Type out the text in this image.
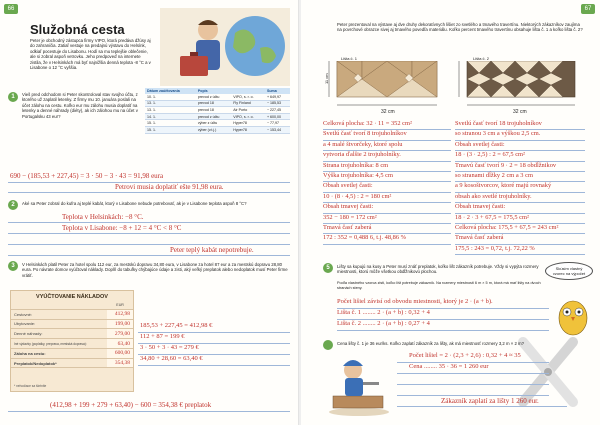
66
Služobná cesta
Peter je obchodný zástupca firmy VIPO, ktorá predáva džúsy aj do zahraničia. Zatiaľ vestuje na predajnú výstavu do Helsínk, odkiaľ pocestuje do Lisabonu. Hodí sa mu teplejšie oblečenie, ale si zobral aspoň vetrovku. Jeho predpoveď na internete zistila, že v Helsinkách má byť najnižšia denná teplota -8 °C a v Lisabone o 12 °C vyššia.
1	Vieš pred odchodom si Peter skontroloval stav svojho účtu, z ktorého už zaplatil letenky. Z firmy mu 10. januára poslali na účet zálohu na cestu. Koľko eur mu zálohu musia doplatiť na letenky a denné náhrady (diéty), ak ich zálohou mu na účet v Portugalsku 43 eur?
Dátum zaúčtovania	Popis		Suma
10. 1.	prevod z účtu	VIPO, s. r. o.	+ 649,97
13. 1.	prevod 18	Fly Finland	− 185,53
13. 1.	prevod 18	Air Porto	− 227,45
14. 1.	prevod z účtu	VIPO, s. r. o.	+ 600,00
15. 1.	výber z účtu	Hyper78	− 77,97
15. 1.	výber (v.t.j.)	Hyper78	− 153,44
690 − (185,53 + 227,45) = 3 · 50 − 3 · 43 = 91,98 eura
Petrovi musia doplatiť ešte 91,98 eura.
2	Aké sa Peter zobral do kufra aj teplé kabát, ktorý v Lisabone nebude potrebovať, ak je v Lisabone teplota aspoň 8 °C?
Teplota v Helsinkách: −8 °C.
Teplota v Lisabone: −8 + 12 = 4 °C < 8 °C
Peter teplý kabát nepotrebuje.
3	V Helsinkách platil Peter za hotel spolu 112 eur, za mestskú dopravu 34,80 eura, v Lisabone za hotel 87 eur a za mestskú dopravu 28,80 eura. Po návrate domov vyúčtoval náklady. Doplň do tabuľky chýbajúce údaje a zisti, aký veľký preplatok alebo nedoplatok musí Peter firme vrátiť.
VYÚČTOVANIE NÁKLADOV
	EUR
Cestovné:	412,98
Ubytovanie:	199,00
Denné náhrady:	279,00
Iné výdavky (poplatky, preprava, mestská doprava):	63,40
Záloha na cestu:	600,00
Preplatok/Nedoplatok*	354,38
* nehodiace sa škrtnite
185,53 + 227,45 = 412,98 €
112 + 87 = 199 €
3 · 50 + 3 · 43 = 279 €
34,80 + 28,60 = 63,40 €
(412,98 + 199 + 279 + 63,40) − 600 = 354,38 € preplatok
67
Peter prezentoval na výstave aj dve druhy dekoratívnych lišiet zo svetlého a tmavého travertínu. Niektorých zákazníkov zaujíma na povrchové obrazce sivej aj tmavého povedľa materiálu. Koľko percent tmavého travertínu obsahuje lišta č. 1 a koľko lišta č. 2?
Lišta č. 1
32 cm
11 cm
Lišta č. 2
32 cm
Celková plocha: 32 · 11 = 352 cm²
Svetlú časť tvorí 8 trojuholníkov
a 4 malé štvorčeky, ktoré spolu
vytvoria ďalšie 2 trojuholníky.
Strana trojuholníka: 8 cm
Výška trojuholníka: 4,5 cm
Obsah svetlej časti:
10 · (8 · 4,5) : 2 = 180 cm²
Obsah tmavej časti:
352 − 180 = 172 cm²
Tmavá časť zaberá
172 : 352 = 0,488 6, t.j. 48,86 %
Svetlú časť tvorí 18 trojuholníkov
so stranou 3 cm a výškou 2,5 cm.
Obsah svetlej časti:
18 · (3 · 2,5) : 2 = 67,5 cm²
Tmavú časť tvorí 9 · 2 = 18 obdĺžnikov
so stranami dĺžky 2 cm a 3 cm
a 9 kosoštvorcov, ktoré majú rovnaký
obsah ako svetlé trojuholníky.
Obsah tmavej časti:
18 · 2 · 3 + 67,5 = 175,5 cm²
Celková plocha: 175,5 + 67,5 = 243 cm²
Tmavá časť zaberá
175,5 : 243 = 0,72, t.j. 72,22 %
5	Lišty sa kupujú na kusy a Peter musí znáť preplatok, koľko lišt zákazník potrebuje. Vždy si vypýta rozmery miestnosti, ktorú môže všetkou obdĺžnikovú plochou.
Podľa vlastného vzorca zisti, koľko lišt potrebuje zákazník. Na rozmery miestnosti 6 m × 5 m, ktorá má mať lišty na dvoch stranách steny.
Počet lišiel závisí od obvodu miestnosti, ktorý je 2 · (a + b).
Lišta č. 1 ........ 2 · (a + b) : 0,32 + 4
Lišta č. 2 ........ 2 · (a + b) : 0,27 + 4
Skúsim vlastný vzorec na výpočet
Cena lišty č. 1 je 36 eur/ks. Koľko zaplatí zákazník za lišty, ak má miestnosť rozmery 3,2 m × 2 m?
Počet lišiel = 2 · (2,3 + 2,6) : 0,32 + 4 ≈ 35
Cena ........ 35 · 36 = 1 260 eur
Zákazník zaplatí za lišty 1 260 eur.
